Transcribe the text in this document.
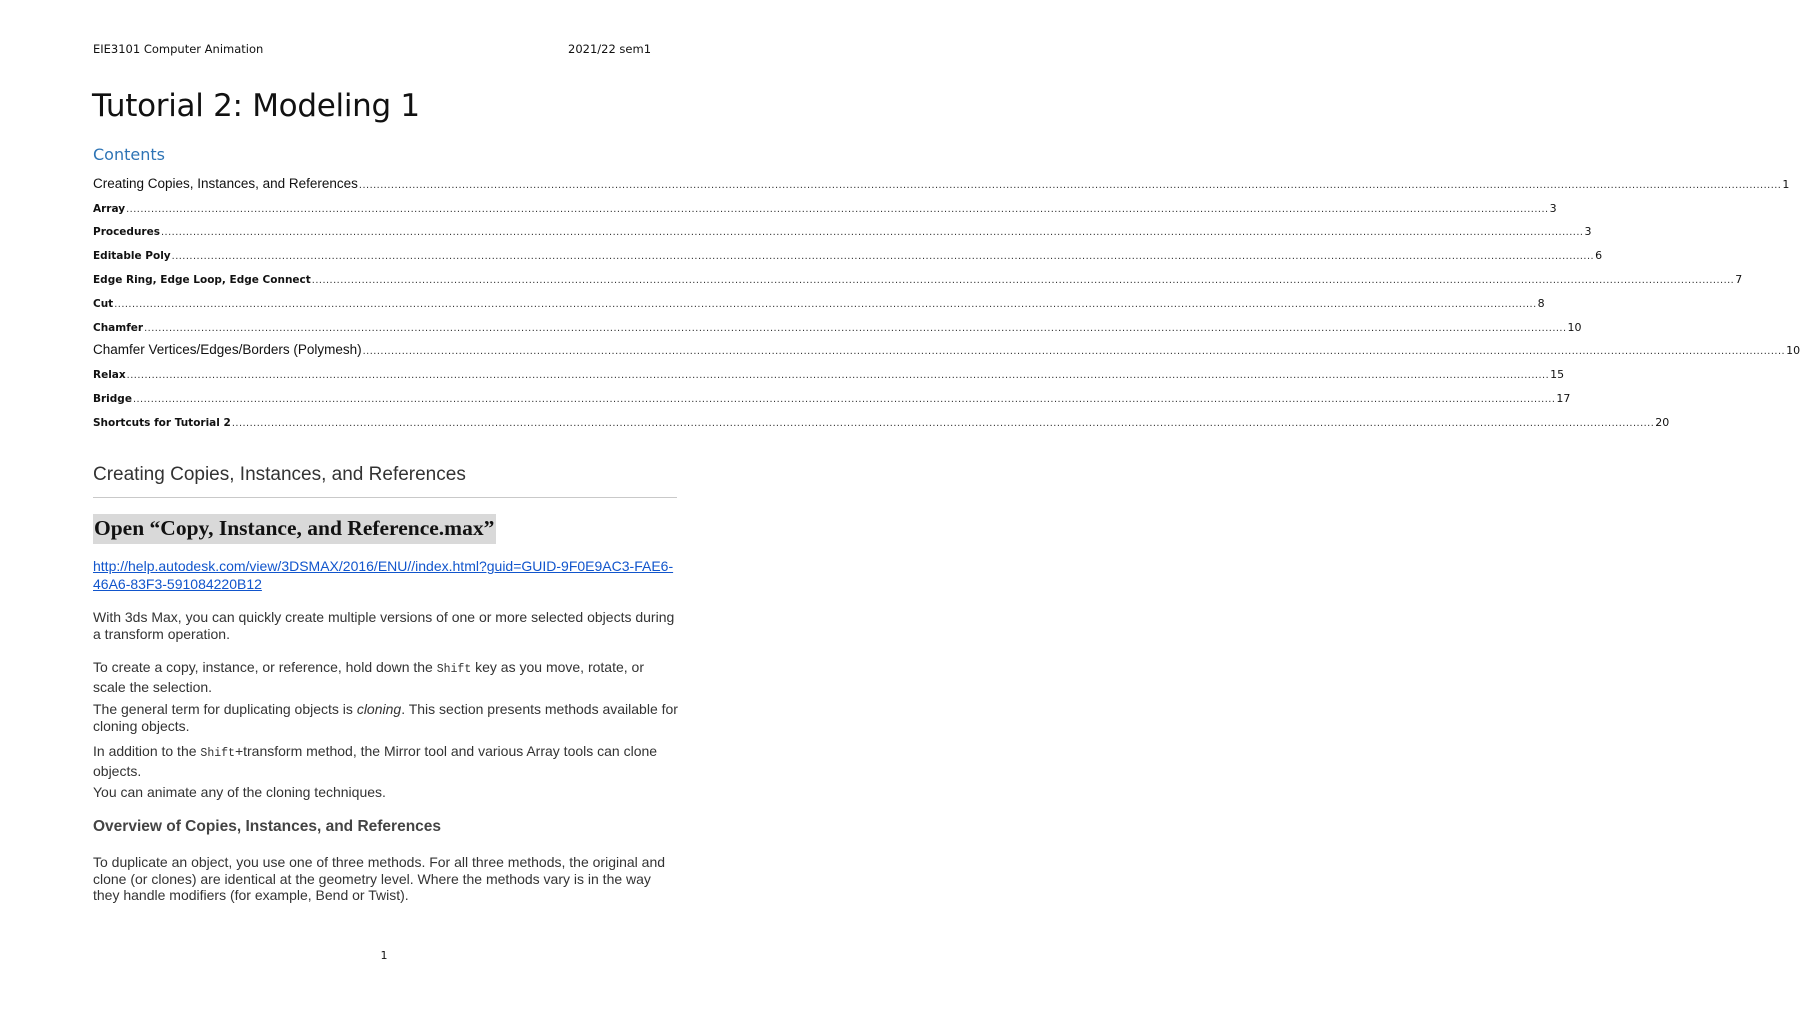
EIE3101 Computer Animation	2021/22 sem1
Tutorial 2: Modeling 1
Contents
Creating Copies, Instances, and References ................................................................................................................................................................................................................................................................................................................................................................................................................ 1
Array ................................................................................................................................................................................................................................................................................................................................................................................................................ 3
Procedures ................................................................................................................................................................................................................................................................................................................................................................................................................ 3
Editable Poly ................................................................................................................................................................................................................................................................................................................................................................................................................ 6
Edge Ring, Edge Loop, Edge Connect ................................................................................................................................................................................................................................................................................................................................................................................................................ 7
Cut ................................................................................................................................................................................................................................................................................................................................................................................................................ 8
Chamfer ................................................................................................................................................................................................................................................................................................................................................................................................................ 10
Chamfer Vertices/Edges/Borders (Polymesh) ................................................................................................................................................................................................................................................................................................................................................................................................................ 10
Relax ................................................................................................................................................................................................................................................................................................................................................................................................................ 15
Bridge ................................................................................................................................................................................................................................................................................................................................................................................................................ 17
Shortcuts for Tutorial 2 ................................................................................................................................................................................................................................................................................................................................................................................................................ 20
Creating Copies, Instances, and References
Open “Copy, Instance, and Reference.max”
http://help.autodesk.com/view/3DSMAX/2016/ENU//index.html?guid=GUID-9F0E9AC3-FAE6-46A6-83F3-591084220B12

With 3ds Max, you can quickly create multiple versions of one or more selected objects during a transform operation.

To create a copy, instance, or reference, hold down the Shift key as you move, rotate, or scale the selection.

The general term for duplicating objects is cloning. This section presents methods available for cloning objects.

In addition to the Shift+transform method, the Mirror tool and various Array tools can clone objects.

You can animate any of the cloning techniques.

Overview of Copies, Instances, and References

To duplicate an object, you use one of three methods. For all three methods, the original and clone (or clones) are identical at the geometry level. Where the methods vary is in the way they handle modifiers (for example, Bend or Twist).

1
